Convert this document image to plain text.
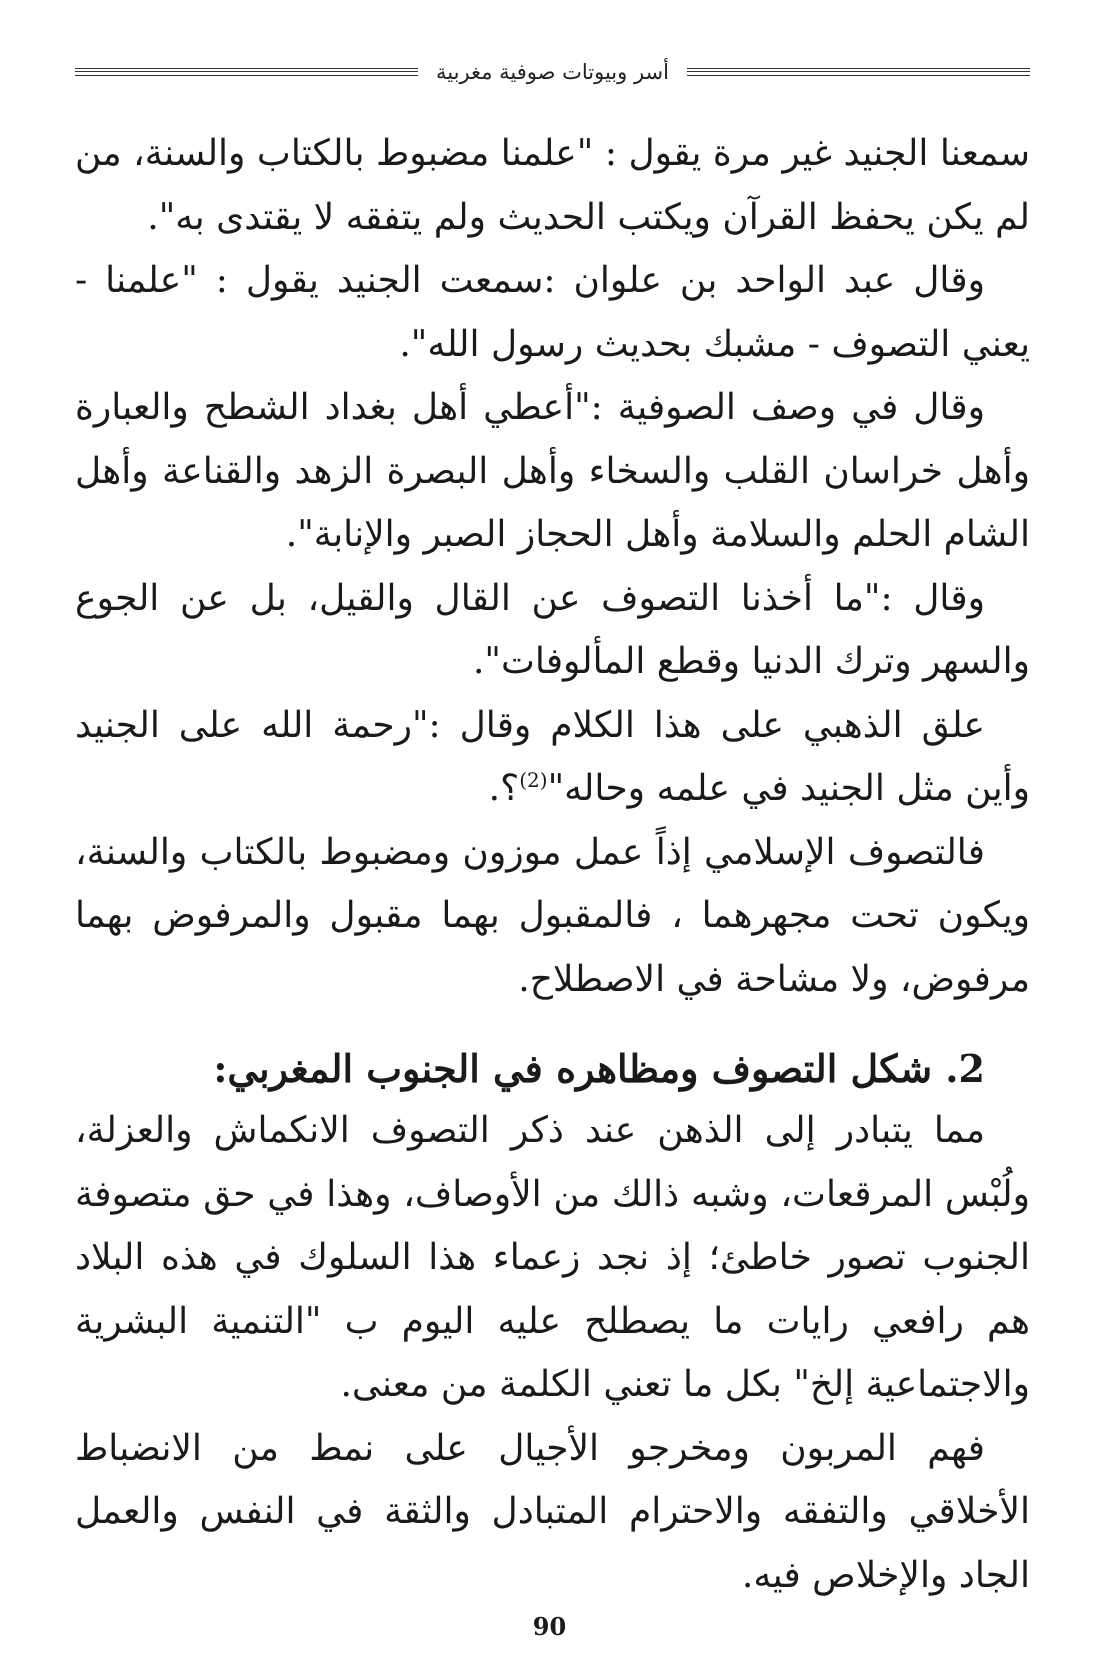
أسر وبيوتات صوفية مغربية

سمعنا الجنيد غير مرة يقول : "علمنا مضبوط بالكتاب والسنة، من لم يكن يحفظ القرآن ويكتب الحديث ولم يتفقه لا يقتدى به".

وقال عبد الواحد بن علوان :سمعت الجنيد يقول : "علمنا - يعني التصوف - مشبك بحديث رسول الله".

وقال في وصف الصوفية :"أعطي أهل بغداد الشطح والعبارة وأهل خراسان القلب والسخاء وأهل البصرة الزهد والقناعة وأهل الشام الحلم والسلامة وأهل الحجاز الصبر والإنابة".

وقال :"ما أخذنا التصوف عن القال والقيل، بل عن الجوع والسهر وترك الدنيا وقطع المألوفات".

علق الذهبي على هذا الكلام وقال :"رحمة الله على الجنيد وأين مثل الجنيد في علمه وحاله"$^{(2)}$؟.

فالتصوف الإسلامي إذاً عمل موزون ومضبوط بالكتاب والسنة، ويكون تحت مجهرهما ، فالمقبول بهما مقبول والمرفوض بهما مرفوض، ولا مشاحة في الاصطلاح.

2. شكل التصوف ومظاهره في الجنوب المغربي:

مما يتبادر إلى الذهن عند ذكر التصوف الانكماش والعزلة، ولُبْس المرقعات، وشبه ذالك من الأوصاف، وهذا في حق متصوفة الجنوب تصور خاطئ؛ إذ نجد زعماء هذا السلوك في هذه البلاد هم رافعي رايات ما يصطلح عليه اليوم ب "التنمية البشرية والاجتماعية إلخ" بكل ما تعني الكلمة من معنى.

فهم المربون ومخرجو الأجيال على نمط من الانضباط الأخلاقي والتفقه والاحترام المتبادل والثقة في النفس والعمل الجاد والإخلاص فيه.

90
